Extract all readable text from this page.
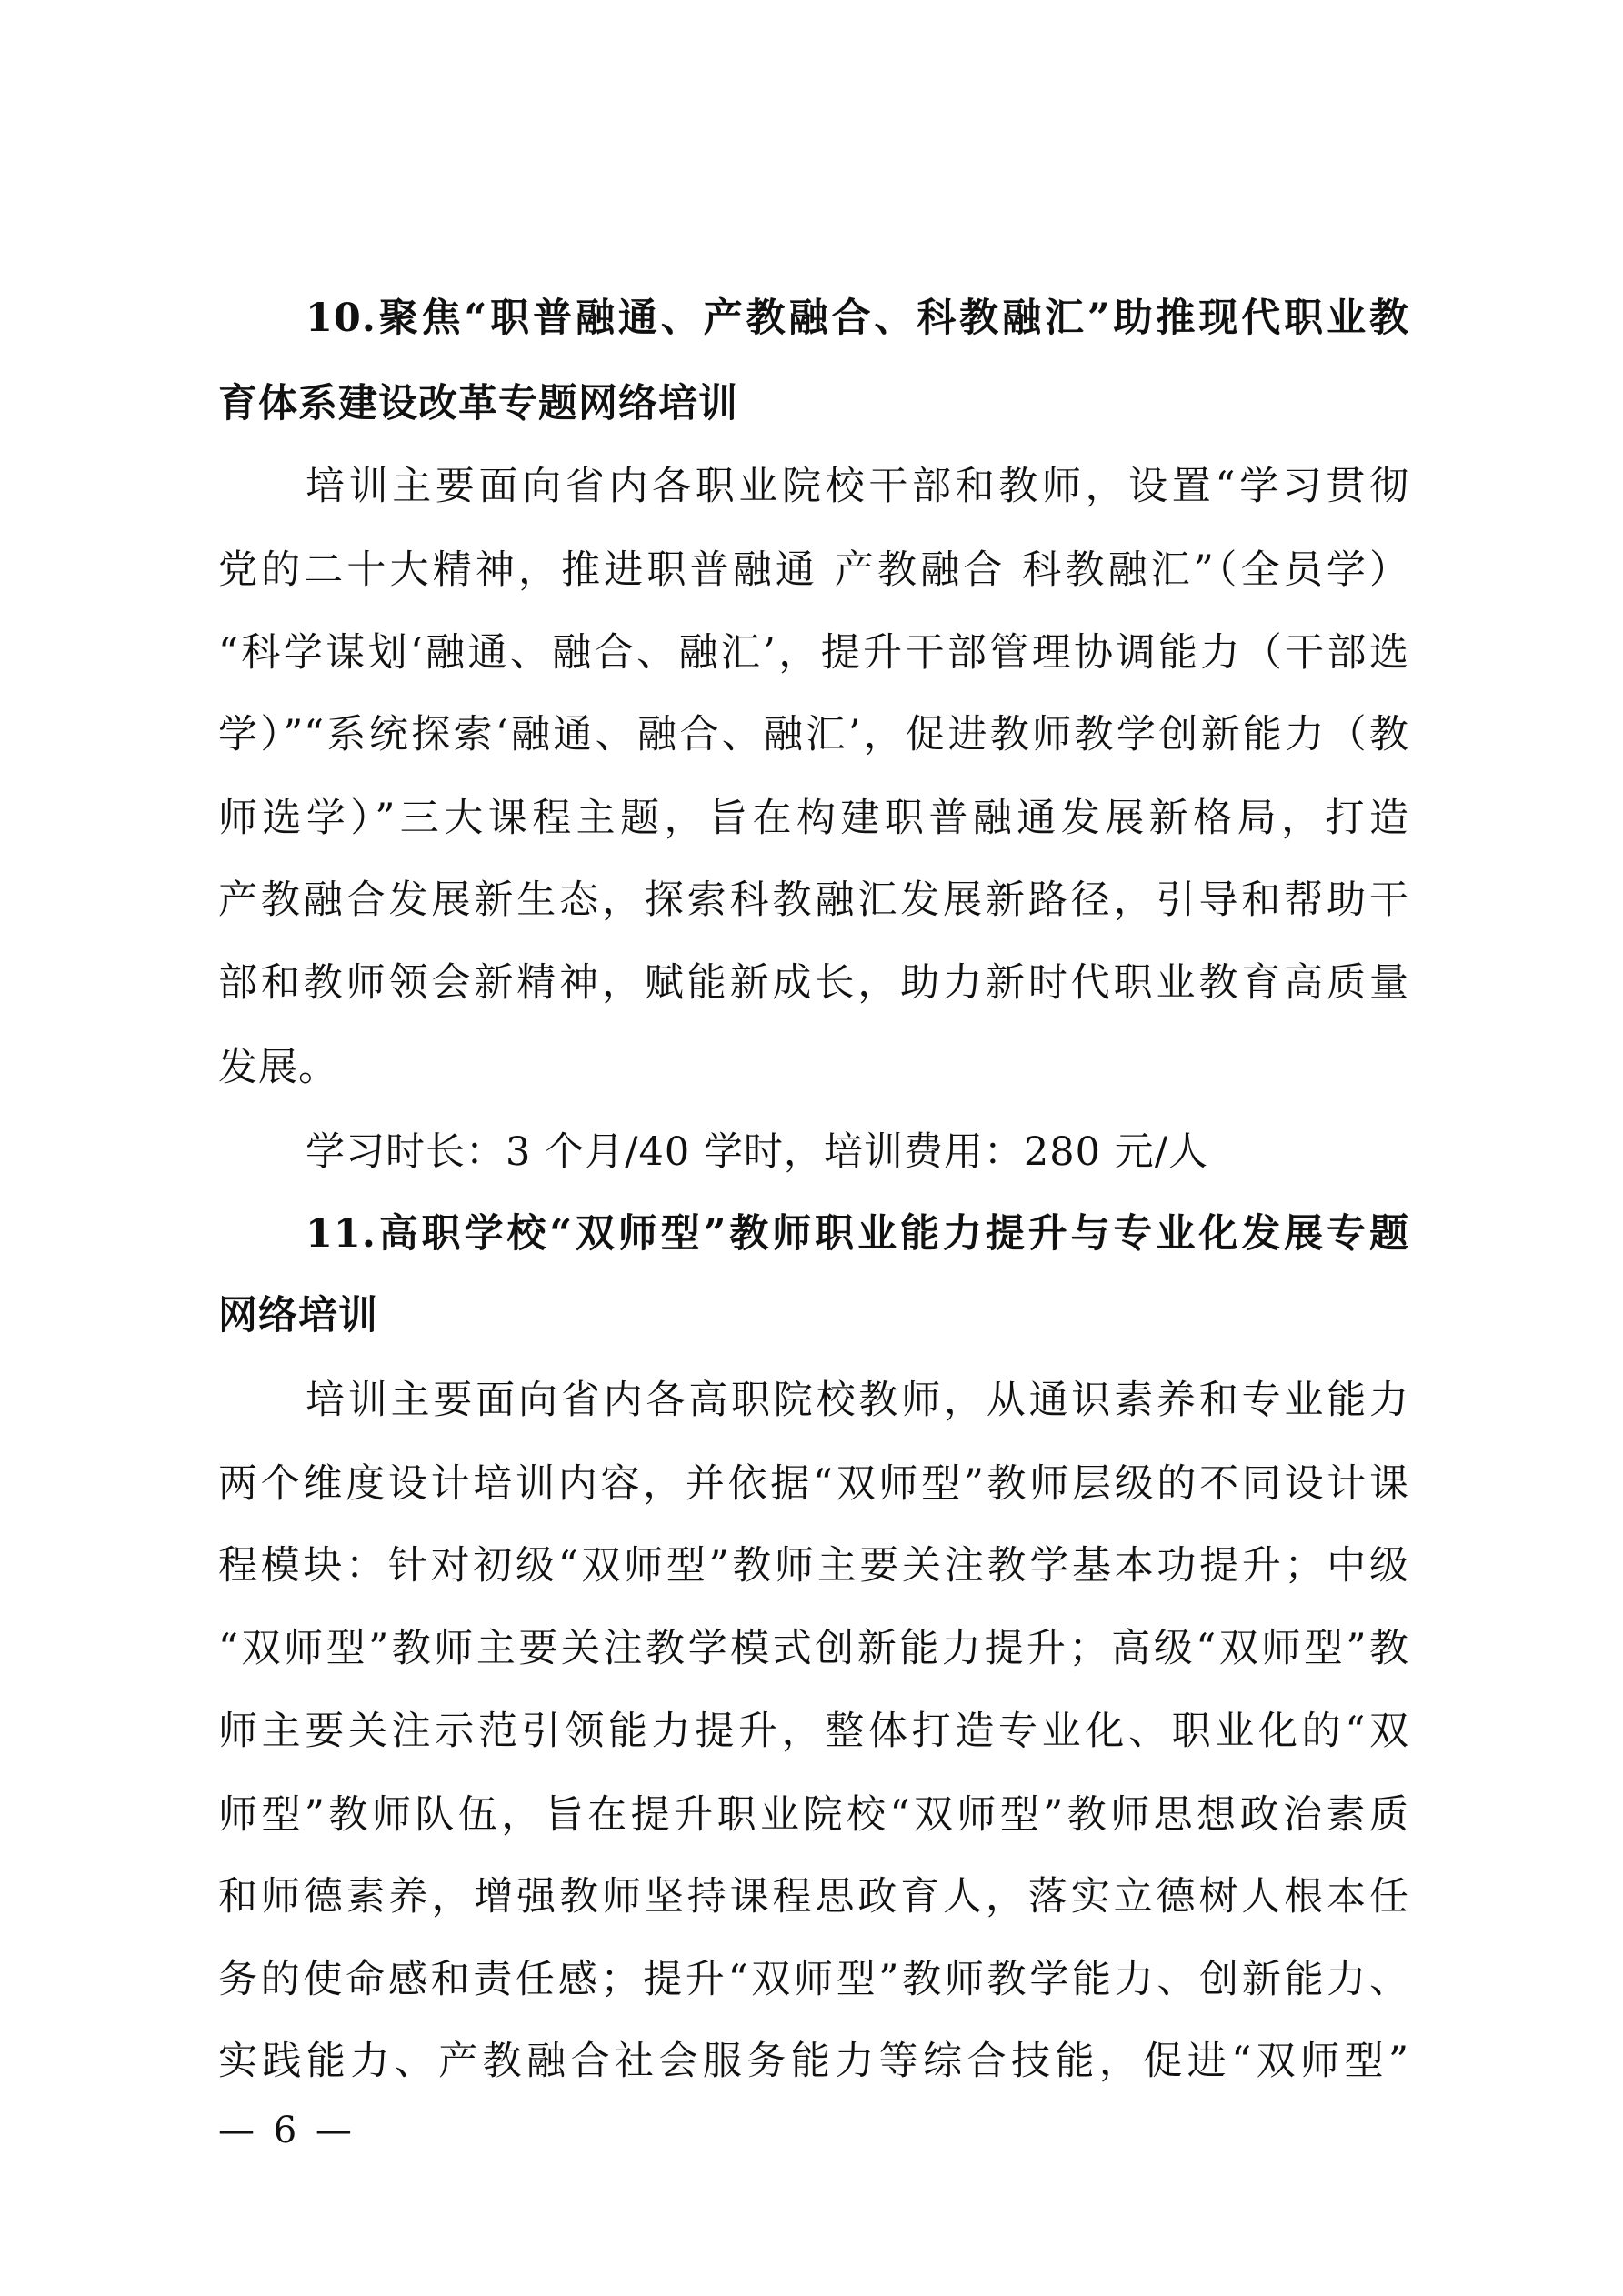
10.聚焦“职普融通、产教融合、科教融汇”助推现代职业教
育体系建设改革专题网络培训
培训主要面向省内各职业院校干部和教师，设置“学习贯彻
党的二十大精神，推进职普融通 产教融合 科教融汇”（全员学）
“科学谋划‘融通、融合、融汇’，提升干部管理协调能力（干部选
学）”“系统探索‘融通、融合、融汇’，促进教师教学创新能力（教
师选学）”三大课程主题，旨在构建职普融通发展新格局，打造
产教融合发展新生态，探索科教融汇发展新路径，引导和帮助干
部和教师领会新精神，赋能新成长，助力新时代职业教育高质量
发展。
学习时长：3 个月/40 学时，培训费用：280 元/人
11.高职学校“双师型”教师职业能力提升与专业化发展专题
网络培训
培训主要面向省内各高职院校教师，从通识素养和专业能力
两个维度设计培训内容，并依据“双师型”教师层级的不同设计课
程模块：针对初级“双师型”教师主要关注教学基本功提升；中级
“双师型”教师主要关注教学模式创新能力提升；高级“双师型”教
师主要关注示范引领能力提升，整体打造专业化、职业化的“双
师型”教师队伍，旨在提升职业院校“双师型”教师思想政治素质
和师德素养，增强教师坚持课程思政育人，落实立德树人根本任
务的使命感和责任感；提升“双师型”教师教学能力、创新能力、
实践能力、产教融合社会服务能力等综合技能，促进“双师型”
— 6 —
